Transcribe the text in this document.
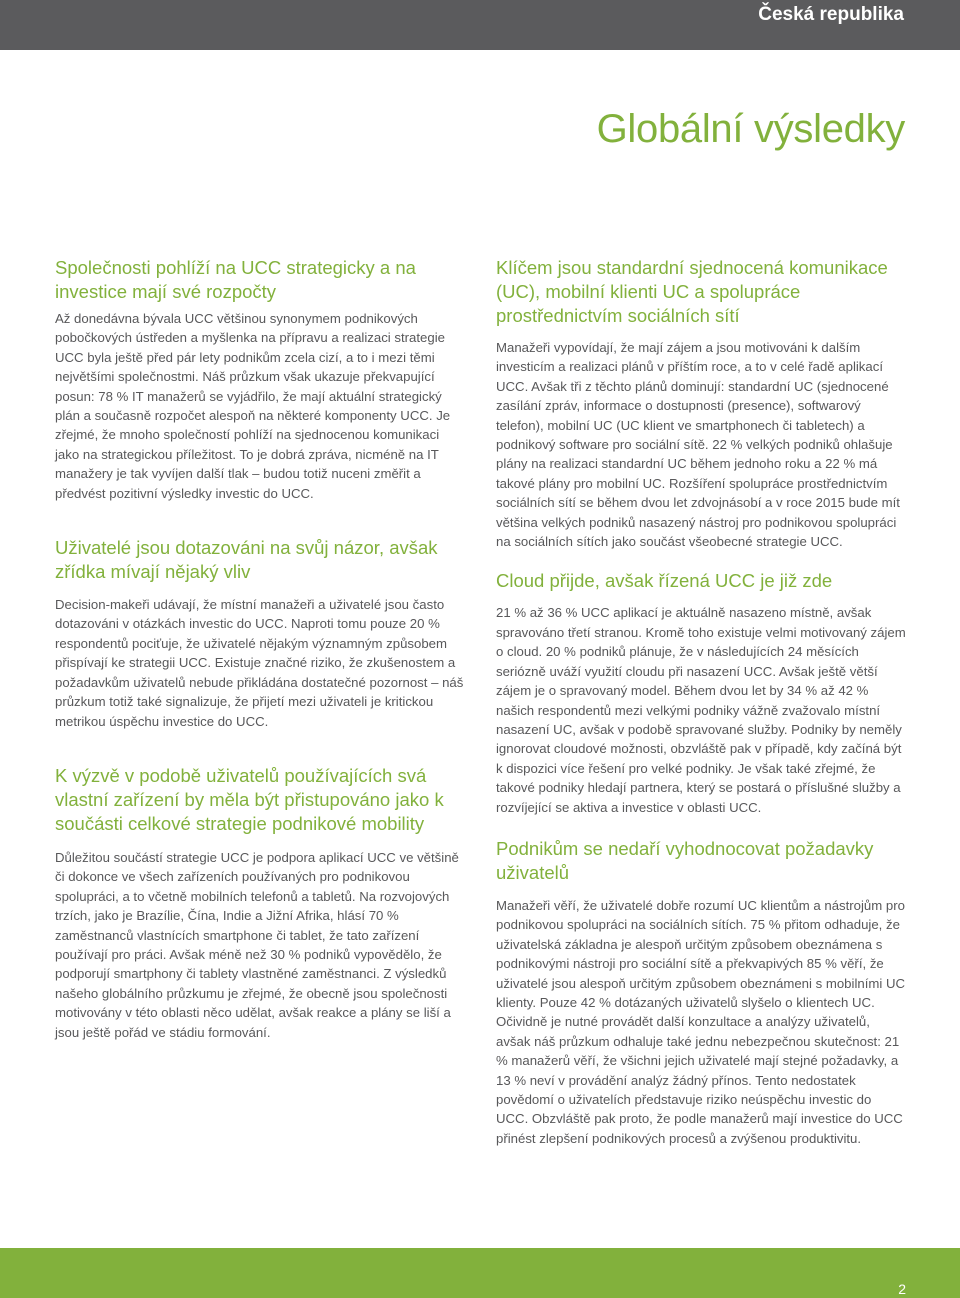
Česká republika
Globální výsledky
Společnosti pohlíží na UCC strategicky a na investice mají své rozpočty

Až donedávna bývala UCC většinou synonymem podnikových pobočkových ústředen a myšlenka na přípravu a realizaci strategie UCC byla ještě před pár lety podnikům zcela cizí, a to i mezi těmi největšími společnostmi. Náš průzkum však ukazuje překvapující posun: 78 % IT manažerů se vyjádřilo, že mají aktuální strategický plán a současně rozpočet alespoň na některé komponenty UCC. Je zřejmé, že mnoho společností pohlíží na sjednocenou komunikaci jako na strategickou příležitost. To je dobrá zpráva, nicméně na IT manažery je tak vyvíjen další tlak – budou totiž nuceni změřit a předvést pozitivní výsledky investic do UCC.

Uživatelé jsou dotazováni na svůj názor, avšak zřídka mívají nějaký vliv

Decision-makeři udávají, že místní manažeři a uživatelé jsou často dotazováni v otázkách investic do UCC. Naproti tomu pouze 20 % respondentů pociťuje, že uživatelé nějakým významným způsobem přispívají ke strategii UCC. Existuje značné riziko, že zkušenostem a požadavkům uživatelů nebude přikládána dostatečné pozornost – náš průzkum totiž také signalizuje, že přijetí mezi uživateli je kritickou metrikou úspěchu investice do UCC.

K výzvě v podobě uživatelů používajících svá vlastní zařízení by měla být přistupováno jako k součásti celkové strategie podnikové mobility

Důležitou součástí strategie UCC je podpora aplikací UCC ve většině či dokonce ve všech zařízeních používaných pro podnikovou spolupráci, a to včetně mobilních telefonů a tabletů. Na rozvojových trzích, jako je Brazílie, Čína, Indie a Jižní Afrika, hlásí 70 % zaměstnanců vlastnících smartphone či tablet, že tato zařízení používají pro práci. Avšak méně než 30 % podniků vypovědělo, že podporují smartphony či tablety vlastněné zaměstnanci. Z výsledků našeho globálního průzkumu je zřejmé, že obecně jsou společnosti motivovány v této oblasti něco udělat, avšak reakce a plány se liší a jsou ještě pořád ve stádiu formování.

Klíčem jsou standardní sjednocená komunikace (UC), mobilní klienti UC a spolupráce prostřednictvím sociálních sítí

Manažeři vypovídají, že mají zájem a jsou motivováni k dalším investicím a realizaci plánů v příštím roce, a to v celé řadě aplikací UCC. Avšak tři z těchto plánů dominují: standardní UC (sjednocené zasílání zpráv, informace o dostupnosti (presence), softwarový telefon), mobilní UC (UC klient ve smartphonech či tabletech) a podnikový software pro sociální sítě. 22 % velkých podniků ohlašuje plány na realizaci standardní UC během jednoho roku a 22 % má takové plány pro mobilní UC. Rozšíření spolupráce prostřednictvím sociálních sítí se během dvou let zdvojnásobí a v roce 2015 bude mít většina velkých podniků nasazený nástroj pro podnikovou spolupráci na sociálních sítích jako součást všeobecné strategie UCC.

Cloud přijde, avšak řízená UCC je již zde

21 % až 36 % UCC aplikací je aktuálně nasazeno místně, avšak spravováno třetí stranou. Kromě toho existuje velmi motivovaný zájem o cloud. 20 % podniků plánuje, že v následujících 24 měsících seriózně uváží využití cloudu při nasazení UCC. Avšak ještě větší zájem je o spravovaný model. Během dvou let by 34 % až 42 % našich respondentů mezi velkými podniky vážně zvažovalo místní nasazení UC, avšak v podobě spravované služby. Podniky by neměly ignorovat cloudové možnosti, obzvláště pak v případě, kdy začíná být k dispozici více řešení pro velké podniky. Je však také zřejmé, že takové podniky hledají partnera, který se postará o příslušné služby a rozvíjející se aktiva a investice v oblasti UCC.

Podnikům se nedaří vyhodnocovat požadavky uživatelů

Manažeři věří, že uživatelé dobře rozumí UC klientům a nástrojům pro podnikovou spolupráci na sociálních sítích. 75 % přitom odhaduje, že uživatelská základna je alespoň určitým způsobem obeznámena s podnikovými nástroji pro sociální sítě a překvapivých 85 % věří, že uživatelé jsou alespoň určitým způsobem obeznámeni s mobilními UC klienty. Pouze 42 % dotázaných uživatelů slyšelo o klientech UC. Očividně je nutné provádět další konzultace a analýzy uživatelů, avšak náš průzkum odhaluje také jednu nebezpečnou skutečnost: 21 % manažerů věří, že všichni jejich uživatelé mají stejné požadavky, a 13 % neví v provádění analýz žádný přínos. Tento nedostatek povědomí o uživatelích představuje riziko neúspěchu investic do UCC. Obzvláště pak proto, že podle manažerů mají investice do UCC přinést zlepšení podnikových procesů a zvýšenou produktivitu.

2
